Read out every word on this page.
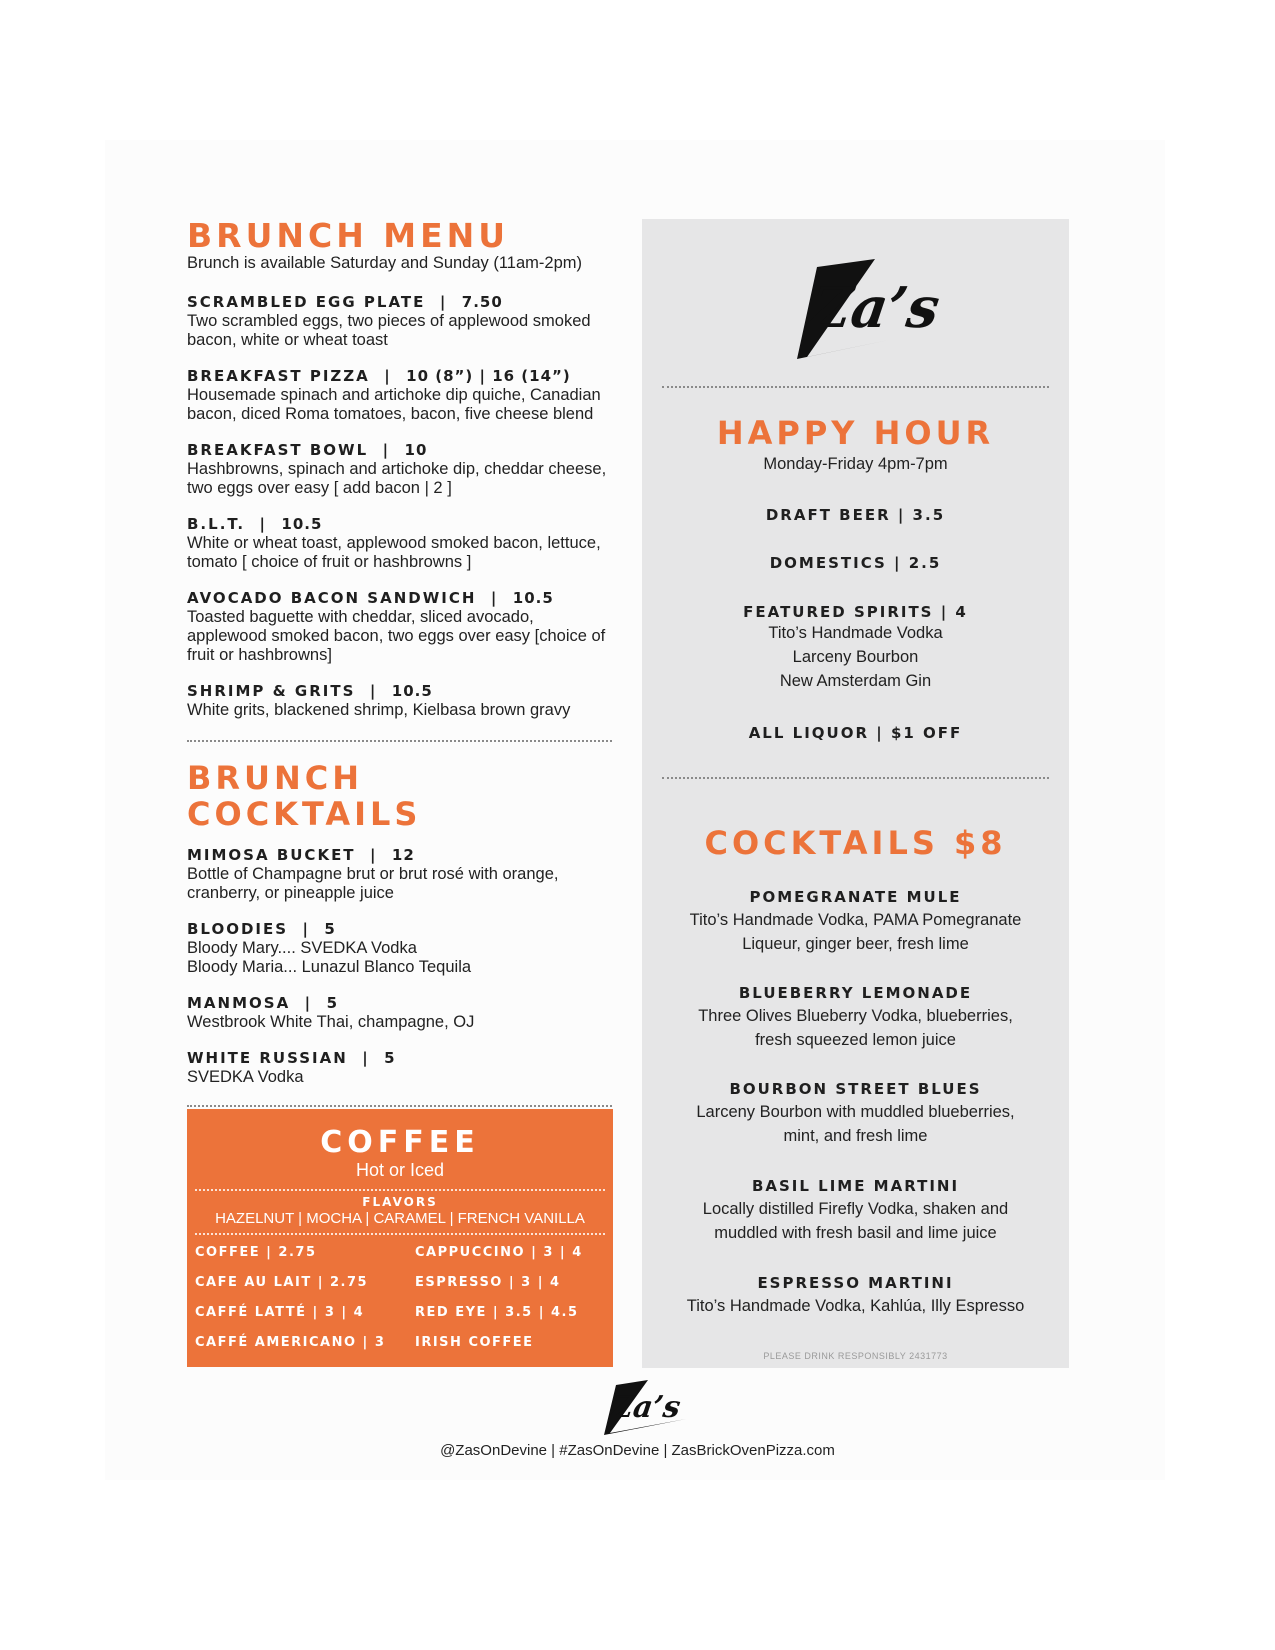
BRUNCH MENU
Brunch is available Saturday and Sunday (11am-2pm)
SCRAMBLED EGG PLATE  |  7.50
Two scrambled eggs, two pieces of applewood smoked bacon, white or wheat toast
BREAKFAST PIZZA  |  10 (8”) | 16 (14”)
Housemade spinach and artichoke dip quiche, Canadian bacon, diced Roma tomatoes, bacon, five cheese blend
BREAKFAST BOWL  |  10
Hashbrowns, spinach and artichoke dip, cheddar cheese, two eggs over easy [ add bacon | 2 ]
B.L.T.  |  10.5
White or wheat toast, applewood smoked bacon, lettuce, tomato [ choice of fruit or hashbrowns ]
AVOCADO BACON SANDWICH  |  10.5
Toasted baguette with cheddar, sliced avocado, applewood smoked bacon, two eggs over easy [choice of fruit or hashbrowns]
SHRIMP & GRITS  |  10.5
White grits, blackened shrimp, Kielbasa brown gravy
BRUNCH COCKTAILS
MIMOSA BUCKET  |  12
Bottle of Champagne brut or brut rosé with orange, cranberry, or pineapple juice
BLOODIES  |  5
Bloody Mary.... SVEDKA Vodka
Bloody Maria... Lunazul Blanco Tequila
MANMOSA  |  5
Westbrook White Thai, champagne, OJ
WHITE RUSSIAN  |  5
SVEDKA Vodka
COFFEE
Hot or Iced
FLAVORS
HAZELNUT | MOCHA | CARAMEL | FRENCH VANILLA
COFFEE | 2.75	CAPPUCCINO | 3 | 4
CAFE AU LAIT | 2.75	ESPRESSO | 3 | 4
CAFFÉ LATTÉ | 3 | 4	RED EYE | 3.5 | 4.5
CAFFÉ AMERICANO | 3 IRISH COFFEE
Za’s
HAPPY HOUR
Monday-Friday 4pm-7pm
DRAFT BEER | 3.5
DOMESTICS | 2.5
FEATURED SPIRITS | 4
Tito’s Handmade Vodka
Larceny Bourbon
New Amsterdam Gin
ALL LIQUOR | $1 OFF
COCKTAILS $8
POMEGRANATE MULE
Tito’s Handmade Vodka, PAMA Pomegranate Liqueur, ginger beer, fresh lime
BLUEBERRY LEMONADE
Three Olives Blueberry Vodka, blueberries, fresh squeezed lemon juice
BOURBON STREET BLUES
Larceny Bourbon with muddled blueberries, mint, and fresh lime
BASIL LIME MARTINI
Locally distilled Firefly Vodka, shaken and muddled with fresh basil and lime juice
ESPRESSO MARTINI
Tito’s Handmade Vodka, Kahlúa, Illy Espresso
PLEASE DRINK RESPONSIBLY 2431773
Za’s
@ZasOnDevine | #ZasOnDevine | ZasBrickOvenPizza.com
